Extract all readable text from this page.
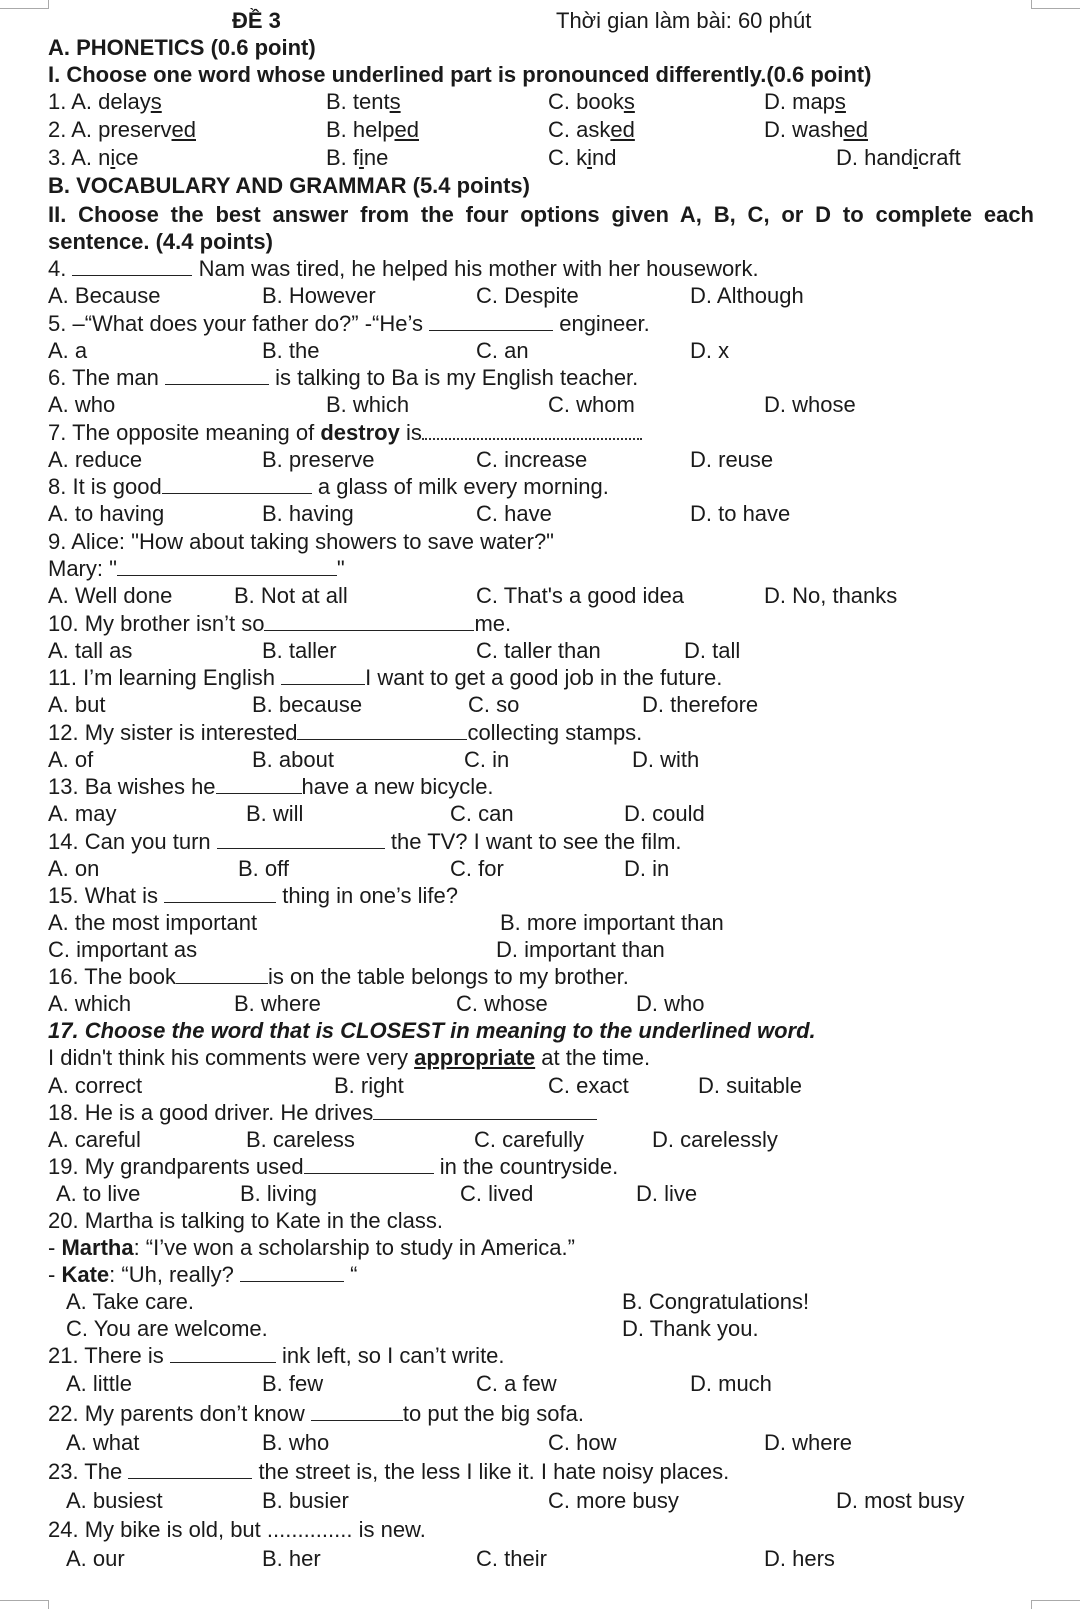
ĐỀ 3	Thời gian làm bài: 60 phút
A. PHONETICS (0.6 point)
I. Choose one word whose underlined part is pronounced differently.(0.6 point)
1. A. delays	B. tents	C. books	D. maps
2. A. preserved	B. helped	C. asked	D. washed
3. A. nice	B. fine	C. kind	D. handicraft
B. VOCABULARY AND GRAMMAR (5.4 points)
II. Choose the best answer from the four options given A, B, C, or D to complete each
sentence. (4.4 points)
4.	Nam was tired, he helped his mother with her housework.
A. Because	B. However	C. Despite	D. Although
5. –“What does your father do?” -“He’s	engineer.
A. a	B. the	C. an	D. x
6. The man	is talking to Ba is my English teacher.
A. who	B. which	C. whom	D. whose
7. The opposite meaning of destroy is
A. reduce	B. preserve	C. increase	D. reuse
8. It is good	a glass of milk every morning.
A. to having	B. having	C. have	D. to have
9. Alice: "How about taking showers to save water?"
Mary: "	"
A. Well done	B. Not at all	C. That's a good idea	D. No, thanks
10. My brother isn’t so	me.
A. tall as	B. taller	C. taller than	D. tall
11. I’m learning English	I want to get a good job in the future.
A. but	B. because	C. so	D. therefore
12. My sister is interested	collecting stamps.
A. of	B. about	C. in	D. with
13. Ba wishes he	have a new bicycle.
A. may	B. will	C. can	D. could
14. Can you turn	the TV? I want to see the film.
A. on	B. off	C. for	D. in
15. What is	thing in one’s life?
A. the most important	B. more important than
C. important as	D. important than
16. The book	is on the table belongs to my brother.
A. which	B. where	C. whose	D. who
17. Choose the word that is CLOSEST in meaning to the underlined word.
I didn't think his comments were very appropriate at the time.
A. correct	B. right	C. exact	D. suitable
18. He is a good driver. He drives
A. careful	B. careless	C. carefully	D. carelessly
19. My grandparents used	in the countryside.
A. to live	B. living	C. lived	D. live
20. Martha is talking to Kate in the class.
- Martha: “I’ve won a scholarship to study in America.”
- Kate: “Uh, really?	“
A. Take care.	B. Congratulations!
C. You are welcome.	D. Thank you.
21. There is	ink left, so I can’t write.
A. little	B. few	C. a few	D. much
22. My parents don’t know	to put the big sofa.
A. what	B. who	C. how	D. where
23. The	the street is, the less I like it. I hate noisy places.
A. busiest	B. busier	C. more busy	D. most busy
24. My bike is old, but .............. is new.
A. our	B. her	C. their	D. hers
